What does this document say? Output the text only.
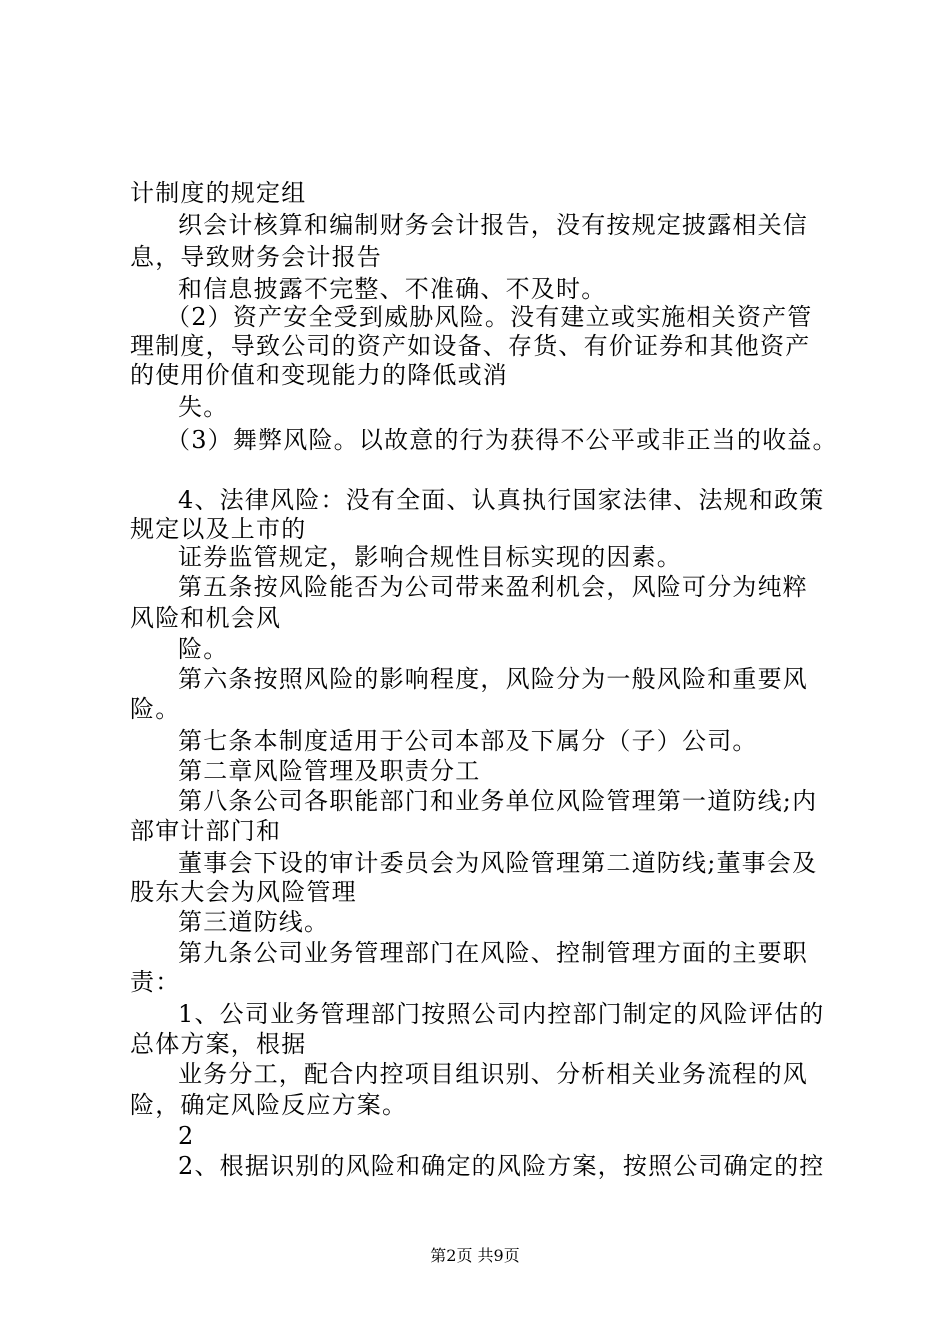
计制度的规定组
织会计核算和编制财务会计报告，没有按规定披露相关信
息，导致财务会计报告
和信息披露不完整、不准确、不及时。
（2）资产安全受到威胁风险。没有建立或实施相关资产管
理制度，导致公司的资产如设备、存货、有价证券和其他资产
的使用价值和变现能力的降低或消
失。
（3）舞弊风险。以故意的行为获得不公平或非正当的收益。
4、法律风险：没有全面、认真执行国家法律、法规和政策
规定以及上市的
证券监管规定，影响合规性目标实现的因素。
第五条按风险能否为公司带来盈利机会，风险可分为纯粹
风险和机会风
险。
第六条按照风险的影响程度，风险分为一般风险和重要风
险。
第七条本制度适用于公司本部及下属分（子）公司。
第二章风险管理及职责分工
第八条公司各职能部门和业务单位风险管理第一道防线;内
部审计部门和
董事会下设的审计委员会为风险管理第二道防线;董事会及
股东大会为风险管理
第三道防线。
第九条公司业务管理部门在风险、控制管理方面的主要职
责：
1、公司业务管理部门按照公司内控部门制定的风险评估的
总体方案，根据
业务分工，配合内控项目组识别、分析相关业务流程的风
险，确定风险反应方案。
2
2、根据识别的风险和确定的风险方案，按照公司确定的控
第2页 共9页
